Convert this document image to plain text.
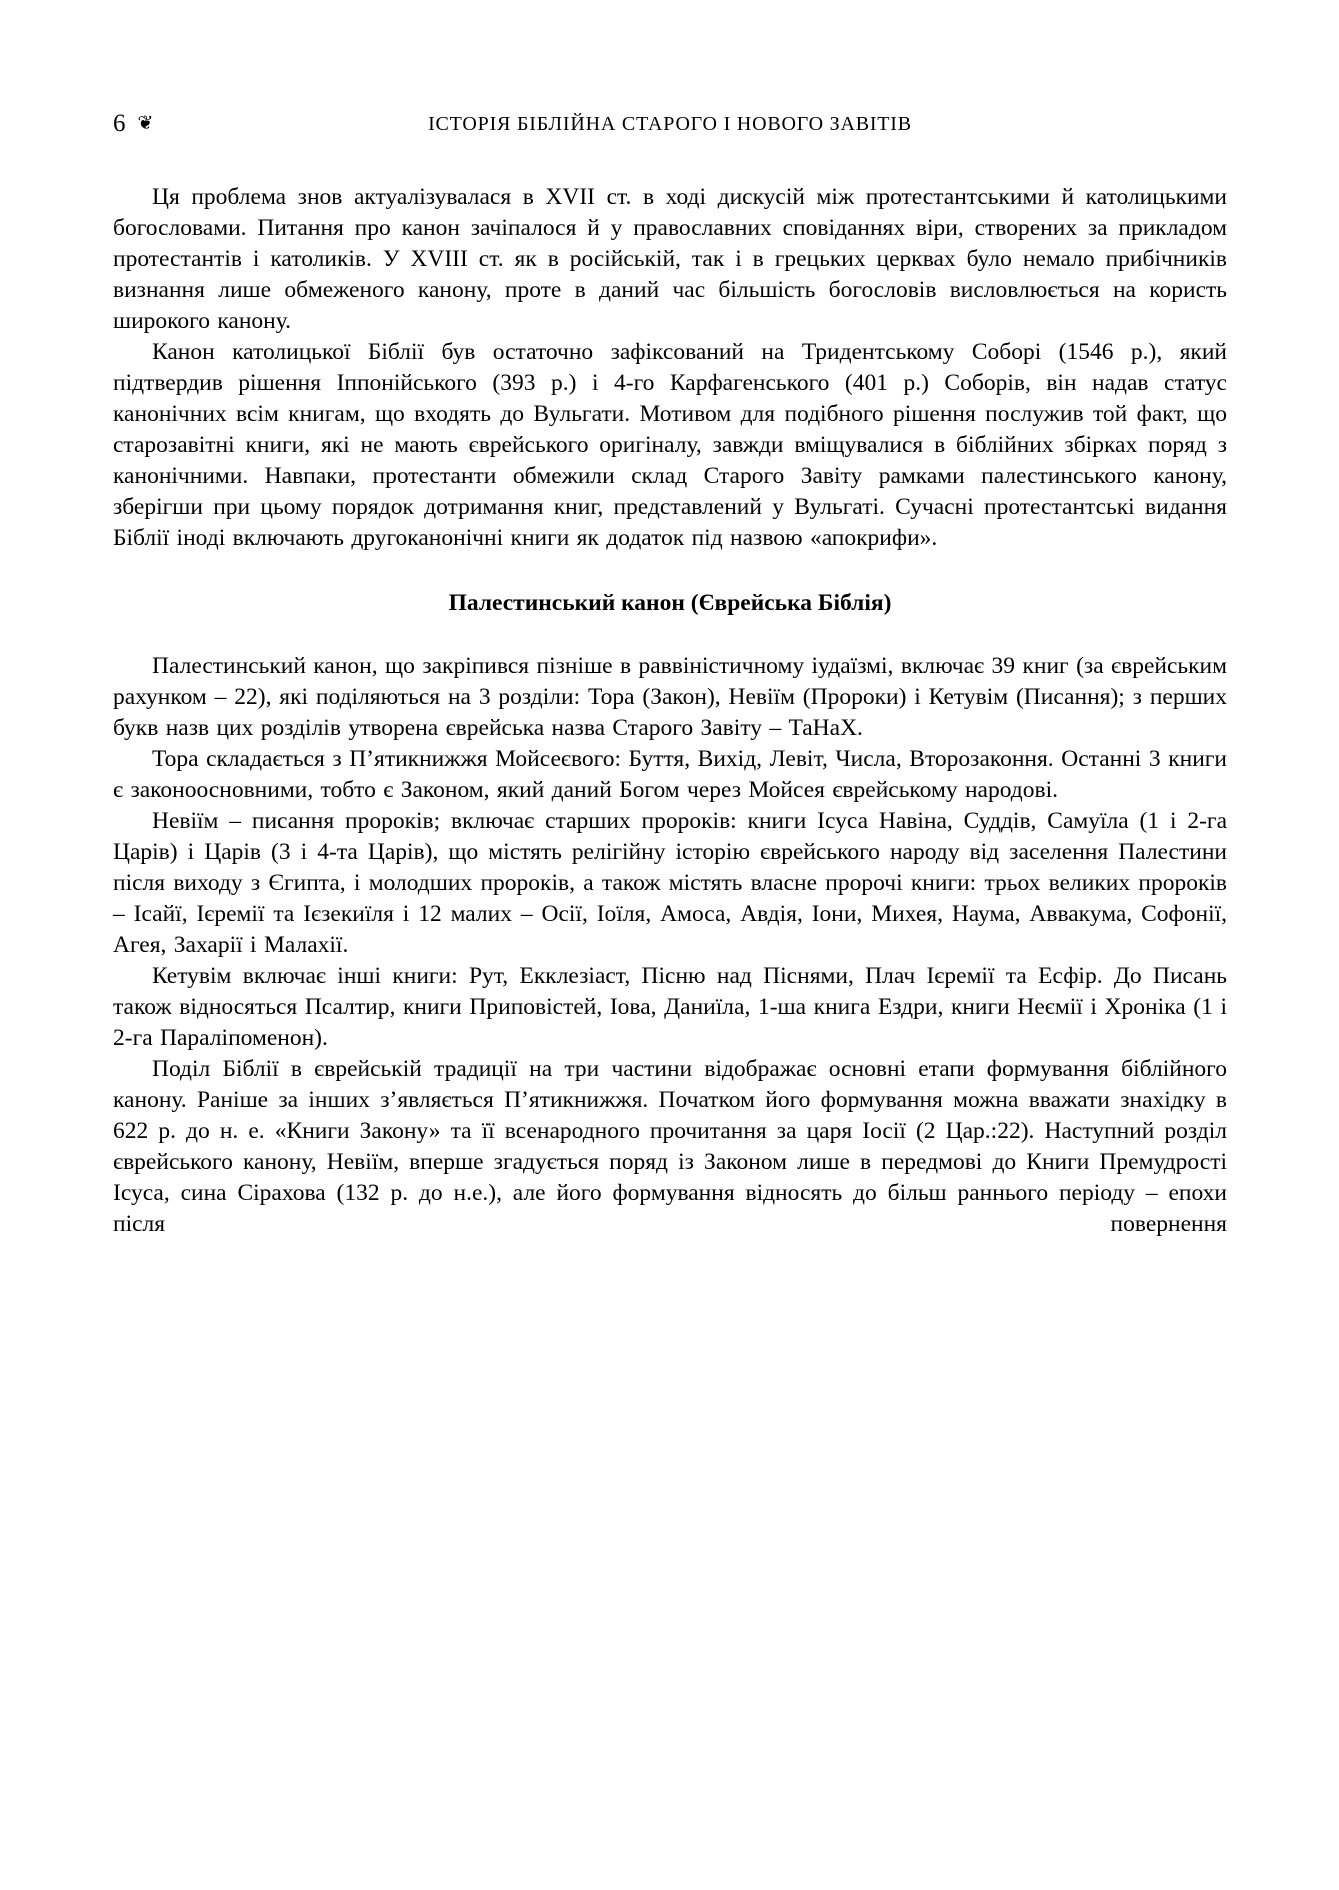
6 ❦	ІСТОРІЯ БІБЛІЙНА СТАРОГО І НОВОГО ЗАВІТІВ

Ця проблема знов актуалізувалася в XVII ст. в ході дискусій між протестантськими й католицькими богословами. Питання про канон зачіпалося й у православних сповіданнях віри, створених за прикладом протестантів і католиків. У XVIII ст. як в російській, так і в грецьких церквах було немало прибічників визнання лише обмеженого канону, проте в даний час більшість богословів висловлюється на користь широкого канону.

Канон католицької Біблії був остаточно зафіксований на Тридентському Соборі (1546 р.), який підтвердив рішення Іппонійського (393 р.) і 4-го Карфагенського (401 р.) Соборів, він надав статус канонічних всім книгам, що входять до Вульгати. Мотивом для подібного рішення послужив той факт, що старозавітні книги, які не мають єврейського оригіналу, завжди вміщувалися в біблійних збірках поряд з канонічними. Навпаки, протестанти обмежили склад Старого Завіту рамками палестинського канону, зберігши при цьому порядок дотримання книг, представлений у Вульгаті. Сучасні протестантські видання Біблії іноді включають другоканонічні книги як додаток під назвою «апокрифи».

Палестинський канон (Єврейська Біблія)

Палестинський канон, що закріпився пізніше в раввіністичному іудаїзмі, включає 39 книг (за єврейським рахунком – 22), які поділяються на 3 розділи: Тора (Закон), Невіїм (Пророки) і Кетувім (Писання); з перших букв назв цих розділів утворена єврейська назва Старого Завіту – ТаНаХ.

Тора складається з П’ятикнижжя Мойсеєвого: Буття, Вихід, Левіт, Числа, Второзаконня. Останні 3 книги є законоосновними, тобто є Законом, який даний Богом через Мойсея єврейському народові.

Невіїм – писання пророків; включає старших пророків: книги Ісуса Навіна, Суддів, Самуїла (1 і 2-га Царів) і Царів (3 і 4-та Царів), що містять релігійну історію єврейського народу від заселення Палестини після виходу з Єгипта, і молодших пророків, а також містять власне пророчі книги: трьох великих пророків – Ісайї, Ієремії та Ієзекиїля і 12 малих – Осії, Іоїля, Амоса, Авдія, Іони, Михея, Наума, Аввакума, Софонії, Агея, Захарії і Малахії.

Кетувім включає інші книги: Рут, Екклезіаст, Пісню над Піснями, Плач Ієремії та Есфір. До Писань також відносяться Псалтир, книги Приповістей, Іова, Даниїла, 1-ша книга Ездри, книги Неємії і Хроніка (1 і 2-га Параліпоменон).

Поділ Біблії в єврейській традиції на три частини відображає основні етапи формування біблійного канону. Раніше за інших з’являється П’ятикнижжя. Початком його формування можна вважати знахідку в 622 р. до н. е. «Книги Закону» та її всенародного прочитання за царя Іосії (2 Цар.:22). Наступний розділ єврейського канону, Невіїм, вперше згадується поряд із Законом лише в передмові до Книги Премудрості Ісуса, сина Сірахова (132 р. до н.е.), але його формування відносять до більш раннього періоду – епохи після повернення
